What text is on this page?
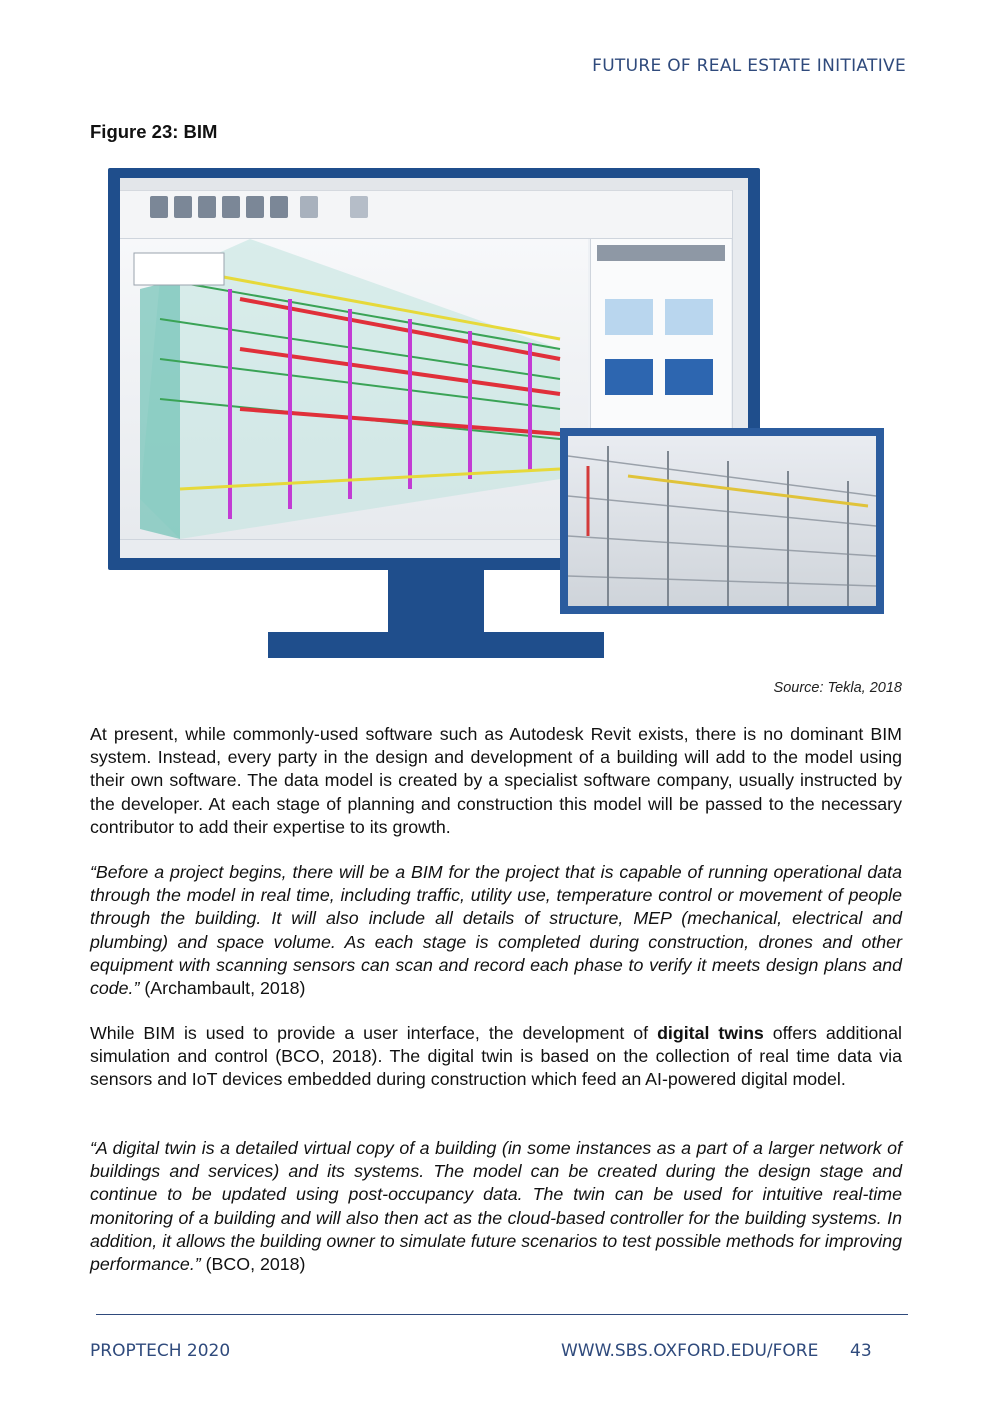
FUTURE OF REAL ESTATE INITIATIVE
Figure 23: BIM
Source: Tekla, 2018

At present, while commonly-used software such as Autodesk Revit exists, there is no dominant BIM system. Instead, every party in the design and development of a building will add to the model using their own software. The data model is created by a specialist software company, usually instructed by the developer. At each stage of planning and construction this model will be passed to the necessary contributor to add their expertise to its growth.

“Before a project begins, there will be a BIM for the project that is capable of running operational data through the model in real time, including traffic, utility use, temperature control or movement of people through the building. It will also include all details of structure, MEP (mechanical, electrical and plumbing) and space volume. As each stage is completed during construction, drones and other equipment with scanning sensors can scan and record each phase to verify it meets design plans and code.” (Archambault, 2018)

While BIM is used to provide a user interface, the development of digital twins offers additional simulation and control (BCO, 2018). The digital twin is based on the collection of real time data via sensors and IoT devices embedded during construction which feed an AI-powered digital model.

“A digital twin is a detailed virtual copy of a building (in some instances as a part of a larger network of buildings and services) and its systems. The model can be created during the design stage and continue to be updated using post-occupancy data. The twin can be used for intuitive real-time monitoring of a building and will also then act as the cloud-based controller for the building systems. In addition, it allows the building owner to simulate future scenarios to test possible methods for improving performance.” (BCO, 2018)

PROPTECH 2020	WWW.SBS.OXFORD.EDU/FORE 43
